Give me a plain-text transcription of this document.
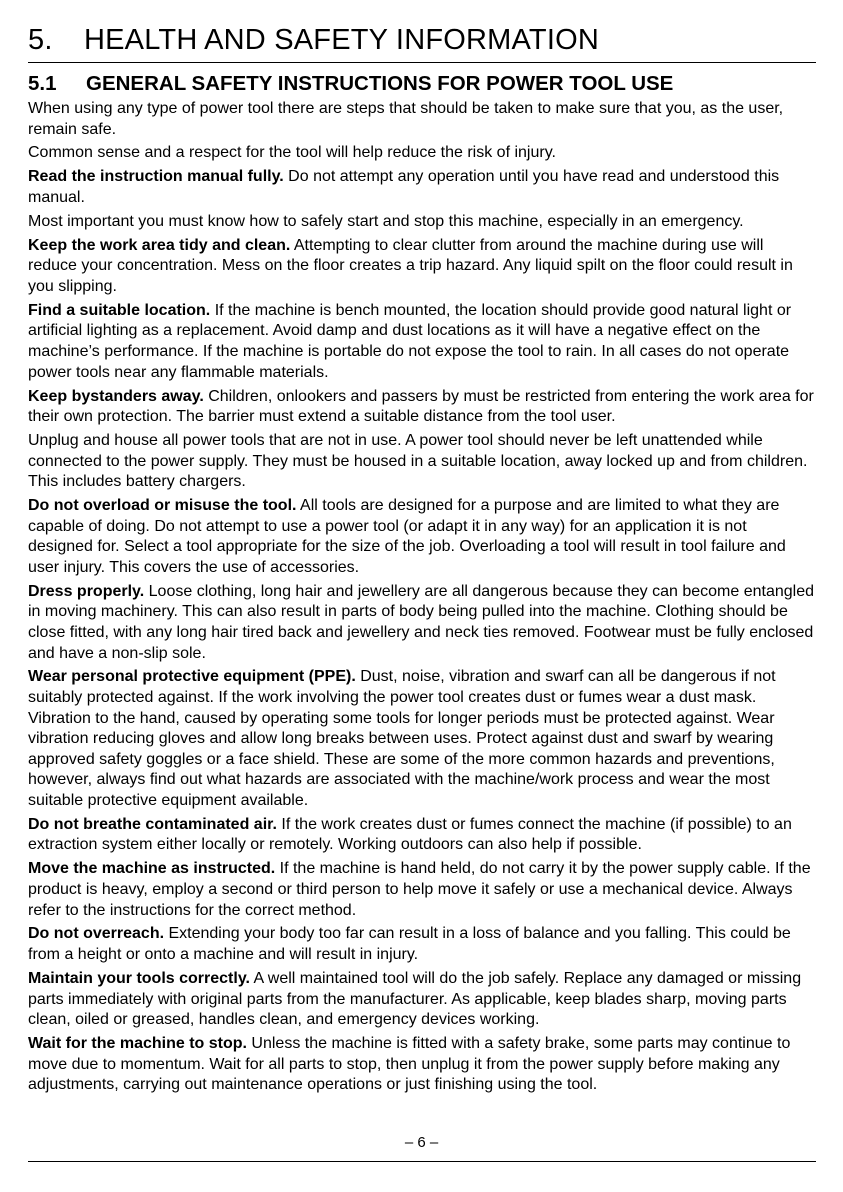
5. HEALTH AND SAFETY INFORMATION
5.1 GENERAL SAFETY INSTRUCTIONS FOR POWER TOOL USE

When using any type of power tool there are steps that should be taken to make sure that you, as the user, remain safe.

Common sense and a respect for the tool will help reduce the risk of injury.

Read the instruction manual fully. Do not attempt any operation until you have read and understood this manual.

Most important you must know how to safely start and stop this machine, especially in an emergency.

Keep the work area tidy and clean. Attempting to clear clutter from around the machine during use will reduce your concentration. Mess on the floor creates a trip hazard. Any liquid spilt on the floor could result in you slipping.

Find a suitable location. If the machine is bench mounted, the location should provide good natural light or artificial lighting as a replacement. Avoid damp and dust locations as it will have a negative effect on the machine’s performance. If the machine is portable do not expose the tool to rain. In all cases do not operate power tools near any flammable materials.

Keep bystanders away. Children, onlookers and passers by must be restricted from entering the work area for their own protection. The barrier must extend a suitable distance from the tool user.

Unplug and house all power tools that are not in use. A power tool should never be left unattended while connected to the power supply. They must be housed in a suitable location, away locked up and from children. This includes battery chargers.

Do not overload or misuse the tool. All tools are designed for a purpose and are limited to what they are capable of doing. Do not attempt to use a power tool (or adapt it in any way) for an application it is not designed for. Select a tool appropriate for the size of the job. Overloading a tool will result in tool failure and user injury. This covers the use of accessories.

Dress properly. Loose clothing, long hair and jewellery are all dangerous because they can become entangled in moving machinery. This can also result in parts of body being pulled into the machine. Clothing should be close fitted, with any long hair tired back and jewellery and neck ties removed. Footwear must be fully enclosed and have a non-slip sole.

Wear personal protective equipment (PPE). Dust, noise, vibration and swarf can all be dangerous if not suitably protected against. If the work involving the power tool creates dust or fumes wear a dust mask. Vibration to the hand, caused by operating some tools for longer periods must be protected against. Wear vibration reducing gloves and allow long breaks between uses. Protect against dust and swarf by wearing approved safety goggles or a face shield. These are some of the more common hazards and preventions, however, always find out what hazards are associated with the machine/work process and wear the most suitable protective equipment available.

Do not breathe contaminated air. If the work creates dust or fumes connect the machine (if possible) to an extraction system either locally or remotely. Working outdoors can also help if possible.

Move the machine as instructed. If the machine is hand held, do not carry it by the power supply cable. If the product is heavy, employ a second or third person to help move it safely or use a mechanical device. Always refer to the instructions for the correct method.

Do not overreach. Extending your body too far can result in a loss of balance and you falling. This could be from a height or onto a machine and will result in injury.

Maintain your tools correctly. A well maintained tool will do the job safely. Replace any damaged or missing parts immediately with original parts from the manufacturer. As applicable, keep blades sharp, moving parts clean, oiled or greased, handles clean, and emergency devices working.

Wait for the machine to stop. Unless the machine is fitted with a safety brake, some parts may continue to move due to momentum. Wait for all parts to stop, then unplug it from the power supply before making any adjustments, carrying out maintenance operations or just finishing using the tool.

– 6 –
